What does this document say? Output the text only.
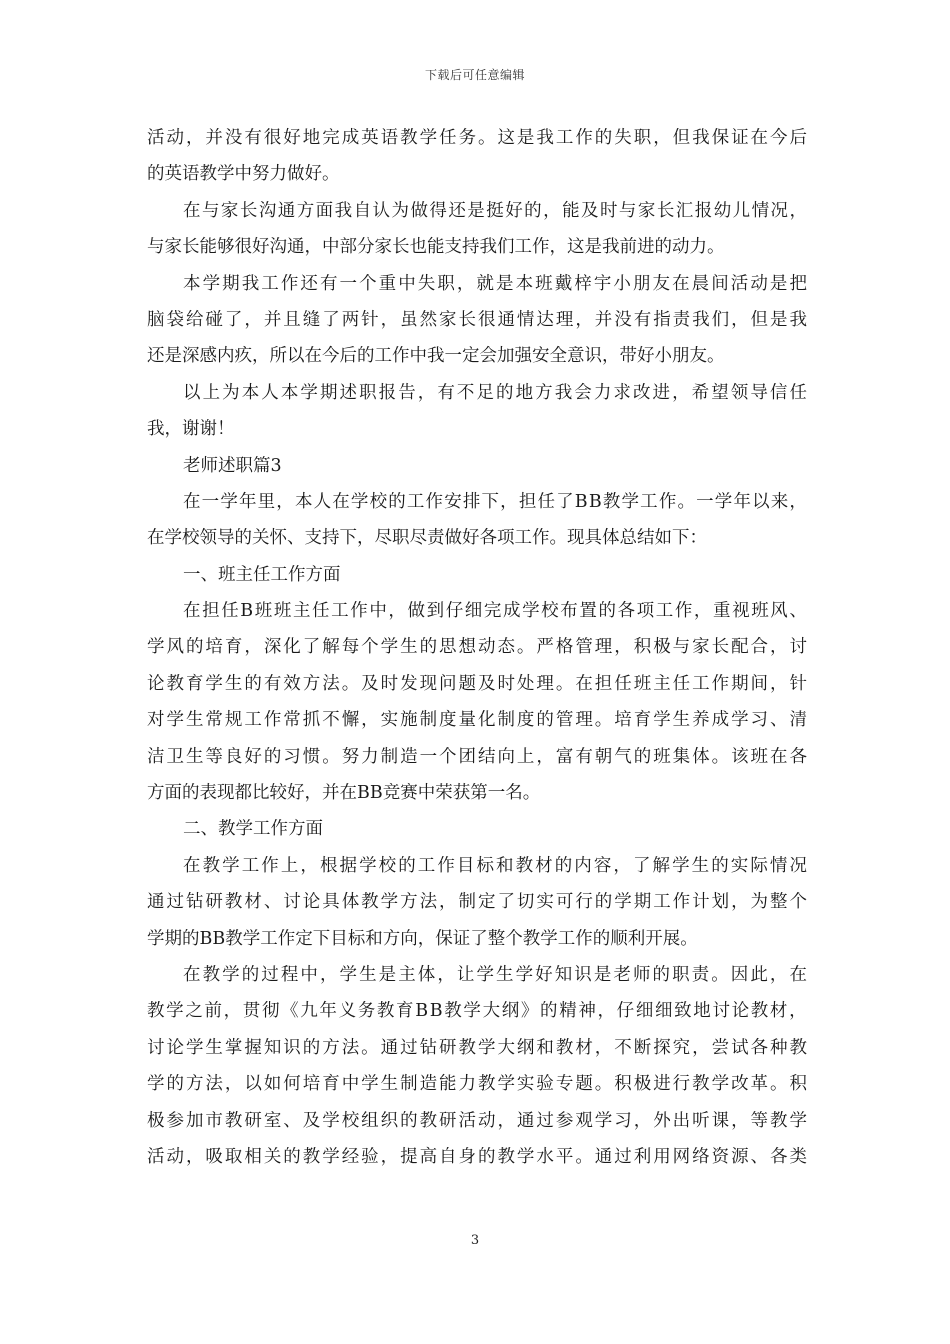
下载后可任意编辑
活 动 ， 并 没 有 很 好 地 完 成 英 语 教 学 任 务 。 这 是 我 工 作 的 失 职 ， 但 我 保 证 在 今 后
的英语教学中努力做好。
在 与 家 长 沟 通 方 面 我 自 认 为 做 得 还 是 挺 好 的 ， 能 及 时 与 家 长 汇 报 幼 儿 情 况 ，
与家长能够很好沟通，中部分家长也能支持我们工作，这是我前进的动力。
本 学 期 我 工 作 还 有 一 个 重 中 失 职 ， 就 是 本 班 戴 梓 宇 小 朋 友 在 晨 间 活 动 是 把
脑 袋 给 碰 了 ， 并 且 缝 了 两 针 ， 虽 然 家 长 很 通 情 达 理 ， 并 没 有 指 责 我 们 ， 但 是 我
还是深感内疚，所以在今后的工作中我一定会加强安全意识，带好小朋友。
以 上 为 本 人 本 学 期 述 职 报 告 ， 有 不 足 的 地 方 我 会 力 求 改 进 ， 希 望 领 导 信 任
我，谢谢！
老师述职篇3
在 一 学 年 里 ， 本 人 在 学 校 的 工 作 安 排 下 ， 担 任 了 B B 教 学 工 作 。 一 学 年 以 来 ，
在学校领导的关怀、支持下，尽职尽责做好各项工作。现具体总结如下：
一、班主任工作方面
在 担 任 B 班 班 主 任 工 作 中 ， 做 到 仔 细 完 成 学 校 布 置 的 各 项 工 作 ， 重 视 班 风 、
学 风 的 培 育 ， 深 化 了 解 每 个 学 生 的 思 想 动 态 。 严 格 管 理 ， 积 极 与 家 长 配 合 ， 讨
论 教 育 学 生 的 有 效 方 法 。 及 时 发 现 问 题 及 时 处 理 。 在 担 任 班 主 任 工 作 期 间 ， 针
对 学 生 常 规 工 作 常 抓 不 懈 ， 实 施 制 度 量 化 制 度 的 管 理 。 培 育 学 生 养 成 学 习 、 清
洁 卫 生 等 良 好 的 习 惯 。 努 力 制 造 一 个 团 结 向 上 ， 富 有 朝 气 的 班 集 体 。 该 班 在 各
方面的表现都比较好，并在BB竞赛中荣获第一名。
二、教学工作方面
在 教 学 工 作 上 ， 根 据 学 校 的 工 作 目 标 和 教 材 的 内 容 ， 了 解 学 生 的 实 际 情 况
通 过 钻 研 教 材 、 讨 论 具 体 教 学 方 法 ， 制 定 了 切 实 可 行 的 学 期 工 作 计 划 ， 为 整 个
学期的BB教学工作定下目标和方向，保证了整个教学工作的顺利开展。
在 教 学 的 过 程 中 ， 学 生 是 主 体 ， 让 学 生 学 好 知 识 是 老 师 的 职 责 。 因 此 ， 在
教 学 之 前 ， 贯 彻 《 九 年 义 务 教 育 B B 教 学 大 纲 》 的 精 神 ， 仔 细 细 致 地 讨 论 教 材 ，
讨 论 学 生 掌 握 知 识 的 方 法 。 通 过 钻 研 教 学 大 纲 和 教 材 ， 不 断 探 究 ， 尝 试 各 种 教
学 的 方 法 ， 以 如 何 培 育 中 学 生 制 造 能 力 教 学 实 验 专 题 。 积 极 进 行 教 学 改 革 。 积
极 参 加 市 教 研 室 、 及 学 校 组 织 的 教 研 活 动 ， 通 过 参 观 学 习 ， 外 出 听 课 ， 等 教 学
活 动 ， 吸 取 相 关 的 教 学 经 验 ， 提 高 自 身 的 教 学 水 平 。 通 过 利 用 网 络 资 源 、 各 类
3
